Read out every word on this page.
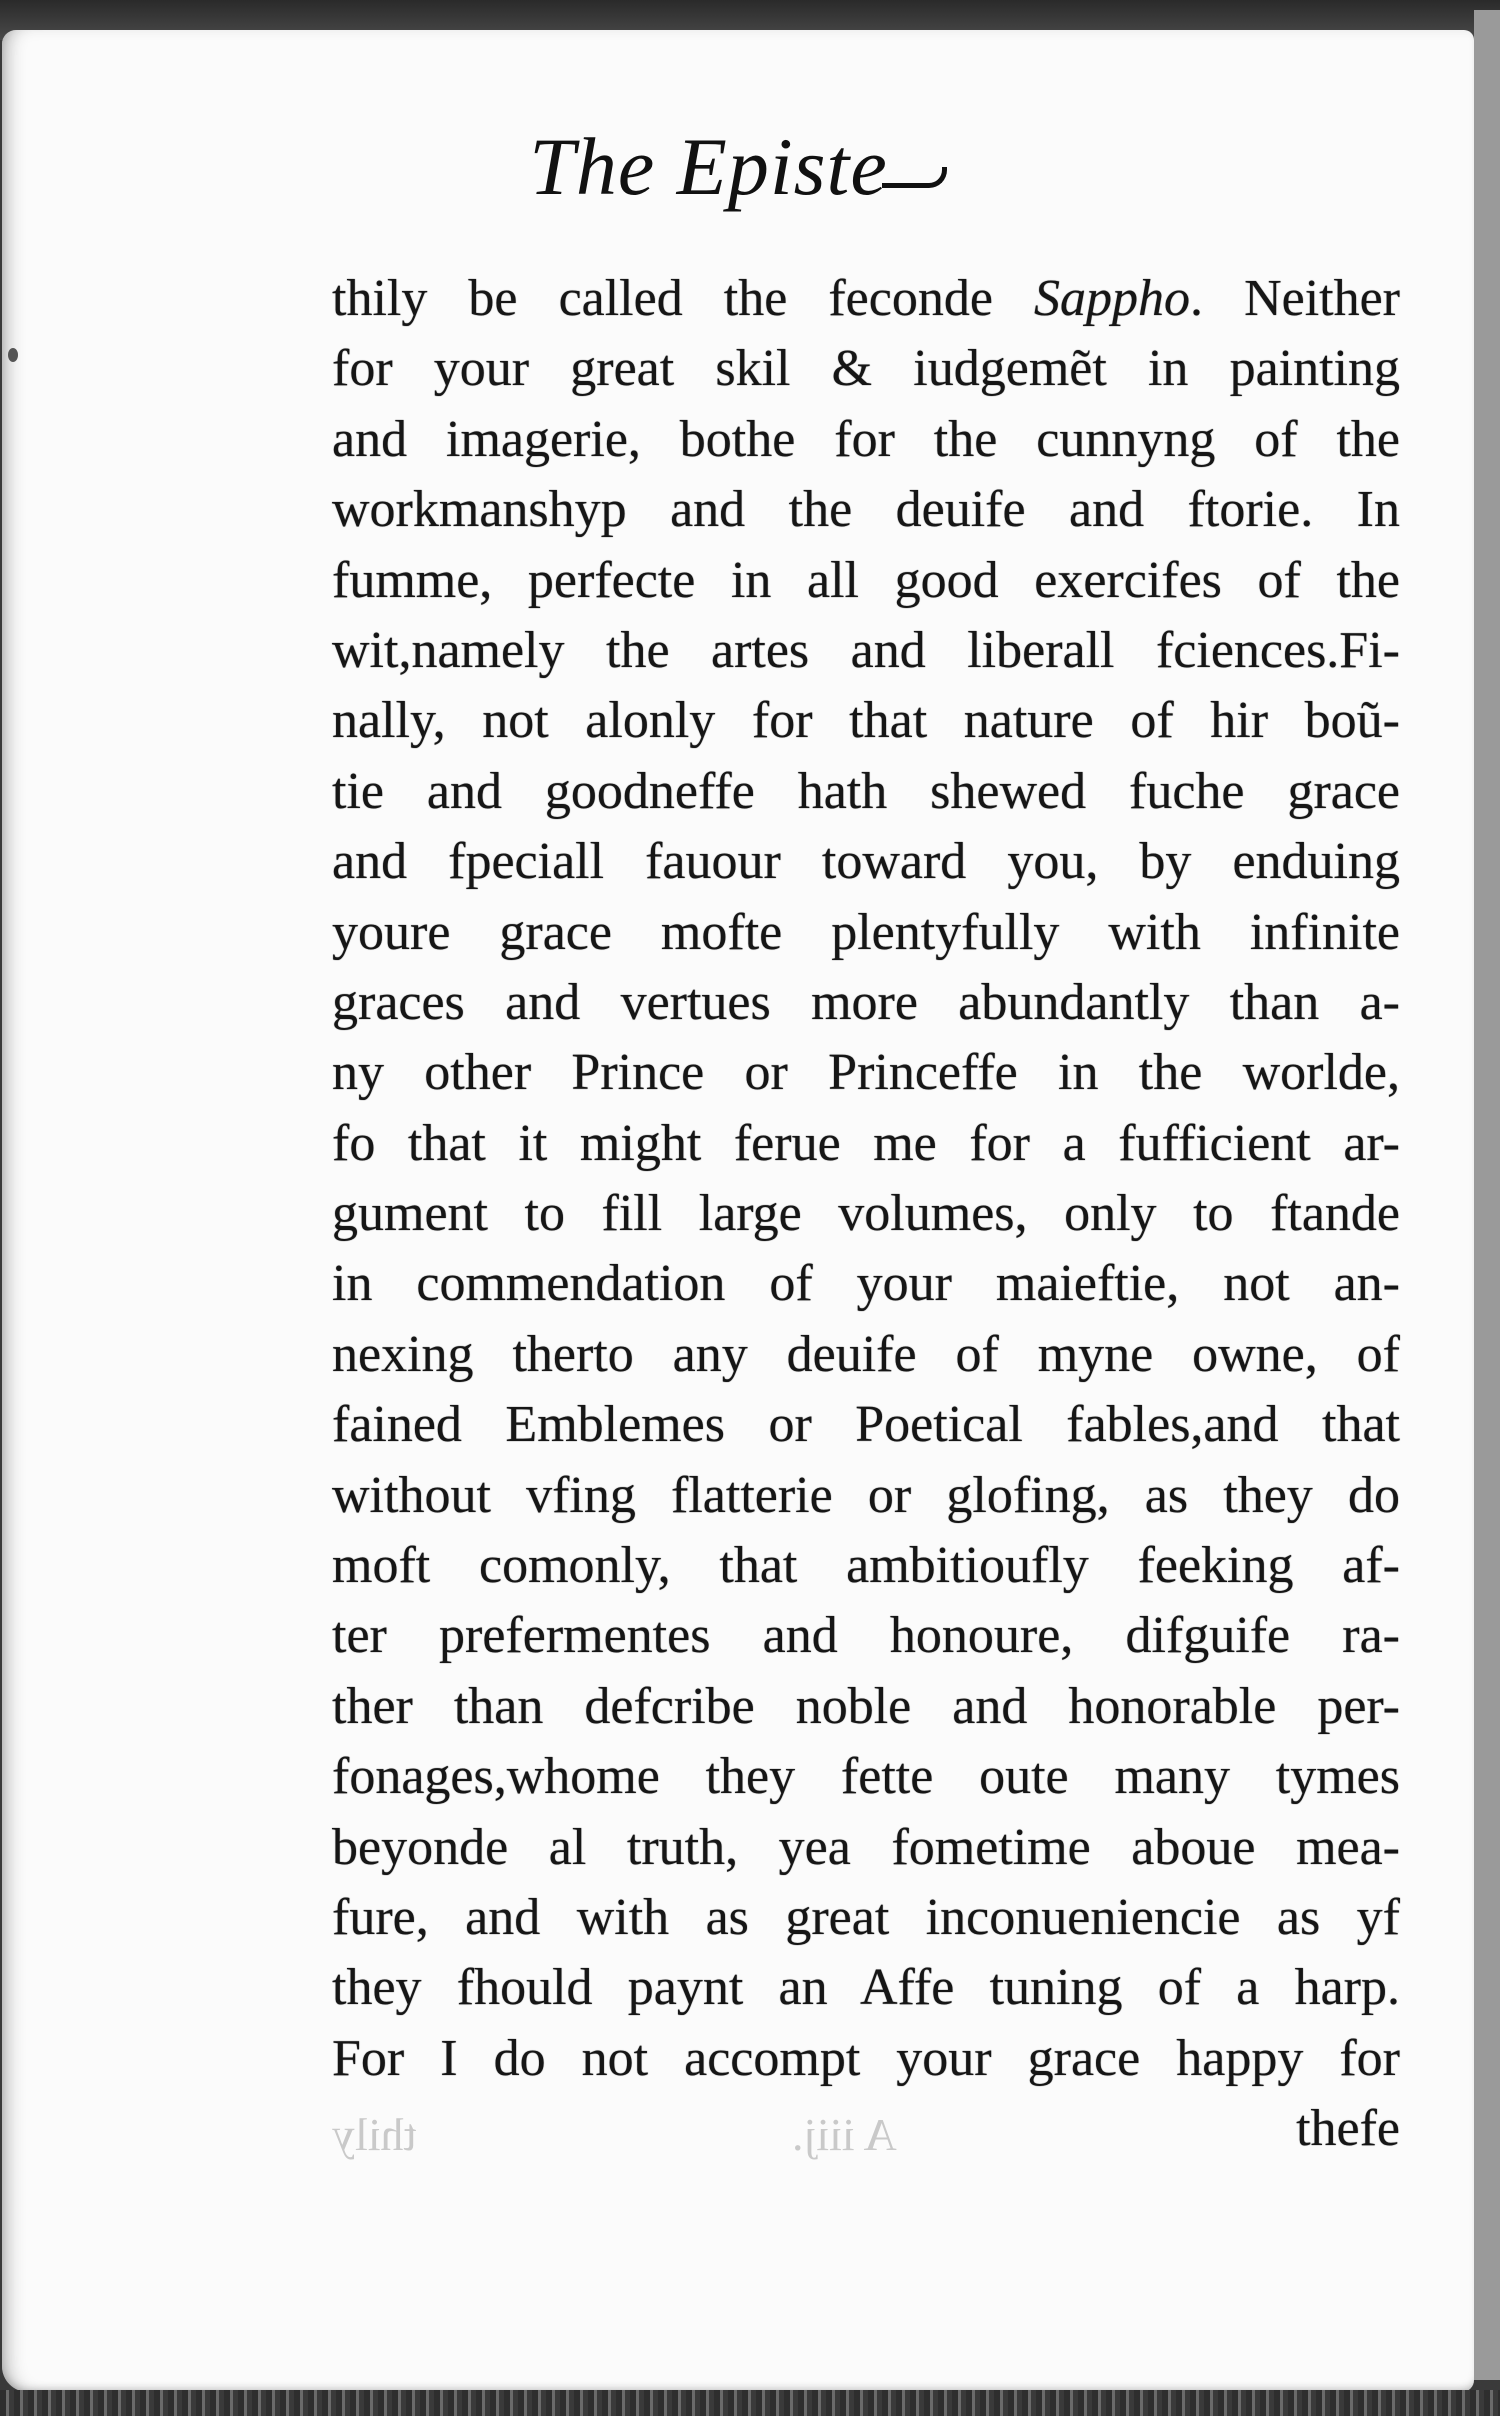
The Episte
thily be called the feconde Sappho. Neither
for your great skil & iudgemẽt in painting
and imagerie, bothe for the cunnyng of the
workmanshyp and the deuife and ftorie. In
fumme, perfecte in all good exercifes of the
wit,namely the artes and liberall fciences.Fi-
nally, not alonly for that nature of hir boũ-
tie and goodneffe hath shewed fuche grace
and fpeciall fauour toward you, by enduing
youre grace mofte plentyfully with infinite
graces and vertues more abundantly than a-
ny other Prince or Princeffe in the worlde,
fo that it might ferue me for a fufficient ar-
gument to fill large volumes, only to ftande
in commendation of your maieftie, not an-
nexing therto any deuife of myne owne, of
fained Emblemes or Poetical fables,and that
without vfing flatterie or glofing, as they do
moft comonly, that ambitioufly feeking af-
ter prefermentes and honoure, difguife ra-
ther than defcribe noble and honorable per-
fonages,whome they fette oute many tymes
beyonde al truth, yea fometime aboue mea-
fure, and with as great inconueniencie as yf
they fhould paynt an Affe tuning of a harp.
For I do not accompt your grace happy for
thefe
thily	A iiij.
